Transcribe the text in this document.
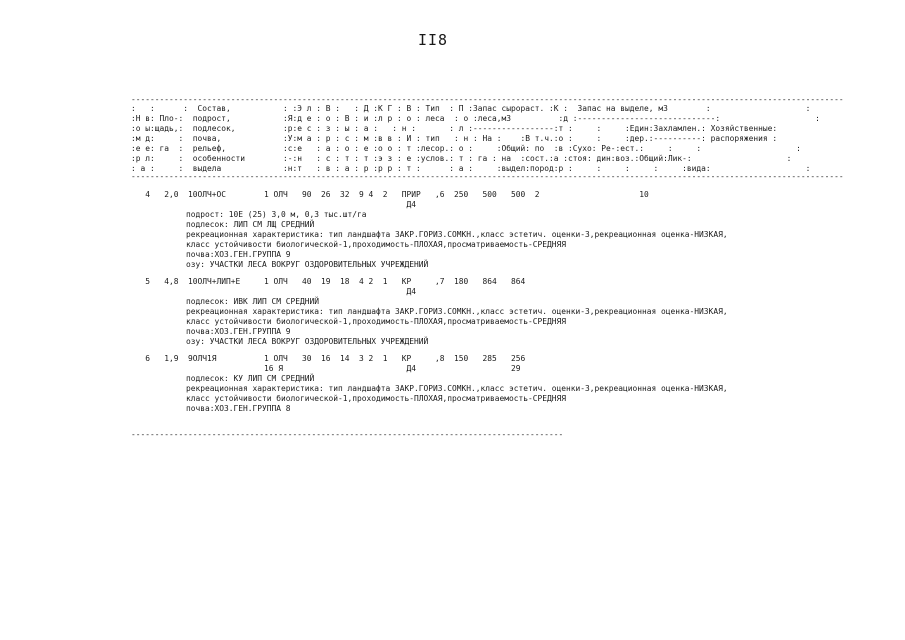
II8
------------------------------------------------------------------------------------------------------------------------------------------------------
:   :      :  Состав,           : :Э л : В :   : Д :К Г : В : Тип  : П :Запас сырораст. :К :  Запас на выделе, м3        :                    :
:Н в: Пло-:  подрост,           :Я:д е : о : В : и :л р : о : леса  : о :леса,м3          :д :-----------------------------:                    :
:о ы:щадь,:  подлесок,          :р:е с : з : ы : а :   : н :       : л :-----------------:т :     :     :Един:Захламлен.: Хозяйственные:
:м д:     :  почва,             :У:м а : р : с : м :в в : И : тип   : н : На :    :В т.ч.:о :     :     :дер.:----------: распоряжения :
:е е: га  :  рельеф,            :с:е   : а : о : е :о о : т :лесор.: о :     :Общий: по  :в :Сухо: Ре-:ест.:     :     :                    :
:р л:     :  особенности        :-:н   : с : т : т :э з : е :услов.: т : га : на  :сост.:а :стоя: дин:воз.:Общий:Лик-:                    :
: а :     :  выдела             :н:т   : в : а : р :р р : т :      : а :     :выдел:пород:р :     :     :     :     :вида:                    :
------------------------------------------------------------------------------------------------------------------------------------------------------
4   2,0  10ОЛЧ+ОС        1 ОЛЧ   90  26  32  9 4  2   ПРИР   ,6  250   500   500  2                     10
Д4
подрост: 10Е (25) 3,0 м, 0,3 тыс.шт/га
подлесок: ЛИП СМ ЛЩ СРЕДНИЙ
рекреационная характеристика: тип ландшафта ЗАКР.ГОРИЗ.СОМКН.,класс эстетич. оценки-3,рекреационная оценка-НИЗКАЯ,
класс устойчивости биологической-1,проходимость-ПЛОХАЯ,просматриваемость-СРЕДНЯЯ
почва:ХОЗ.ГЕН.ГРУППА 9
озу: УЧАСТКИ ЛЕСА ВОКРУГ ОЗДОРОВИТЕЛЬНЫХ УЧРЕЖДЕНИЙ
5   4,8  10ОЛЧ+ЛИП+Е     1 ОЛЧ   40  19  18  4 2  1   КР     ,7  180   864   864
Д4
подлесок: ИВК ЛИП СМ СРЕДНИЙ
рекреационная характеристика: тип ландшафта ЗАКР.ГОРИЗ.СОМКН.,класс эстетич. оценки-3,рекреационная оценка-НИЗКАЯ,
класс устойчивости биологической-1,проходимость-ПЛОХАЯ,просматриваемость-СРЕДНЯЯ
почва:ХОЗ.ГЕН.ГРУППА 9
озу: УЧАСТКИ ЛЕСА ВОКРУГ ОЗДОРОВИТЕЛЬНЫХ УЧРЕЖДЕНИЙ
6   1,9  9ОЛЧ1Я          1 ОЛЧ   30  16  14  3 2  1   КР     ,8  150   285   256
16 Я                          Д4                    29
подлесок: КУ ЛИП СМ СРЕДНИЙ
рекреационная характеристика: тип ландшафта ЗАКР.ГОРИЗ.СОМКН.,класс эстетич. оценки-3,рекреационная оценка-НИЗКАЯ,
класс устойчивости биологической-1,проходимость-ПЛОХАЯ,просматриваемость-СРЕДНЯЯ
почва:ХОЗ.ГЕН.ГРУППА 8
-------------------------------------------------------------------------------------------
